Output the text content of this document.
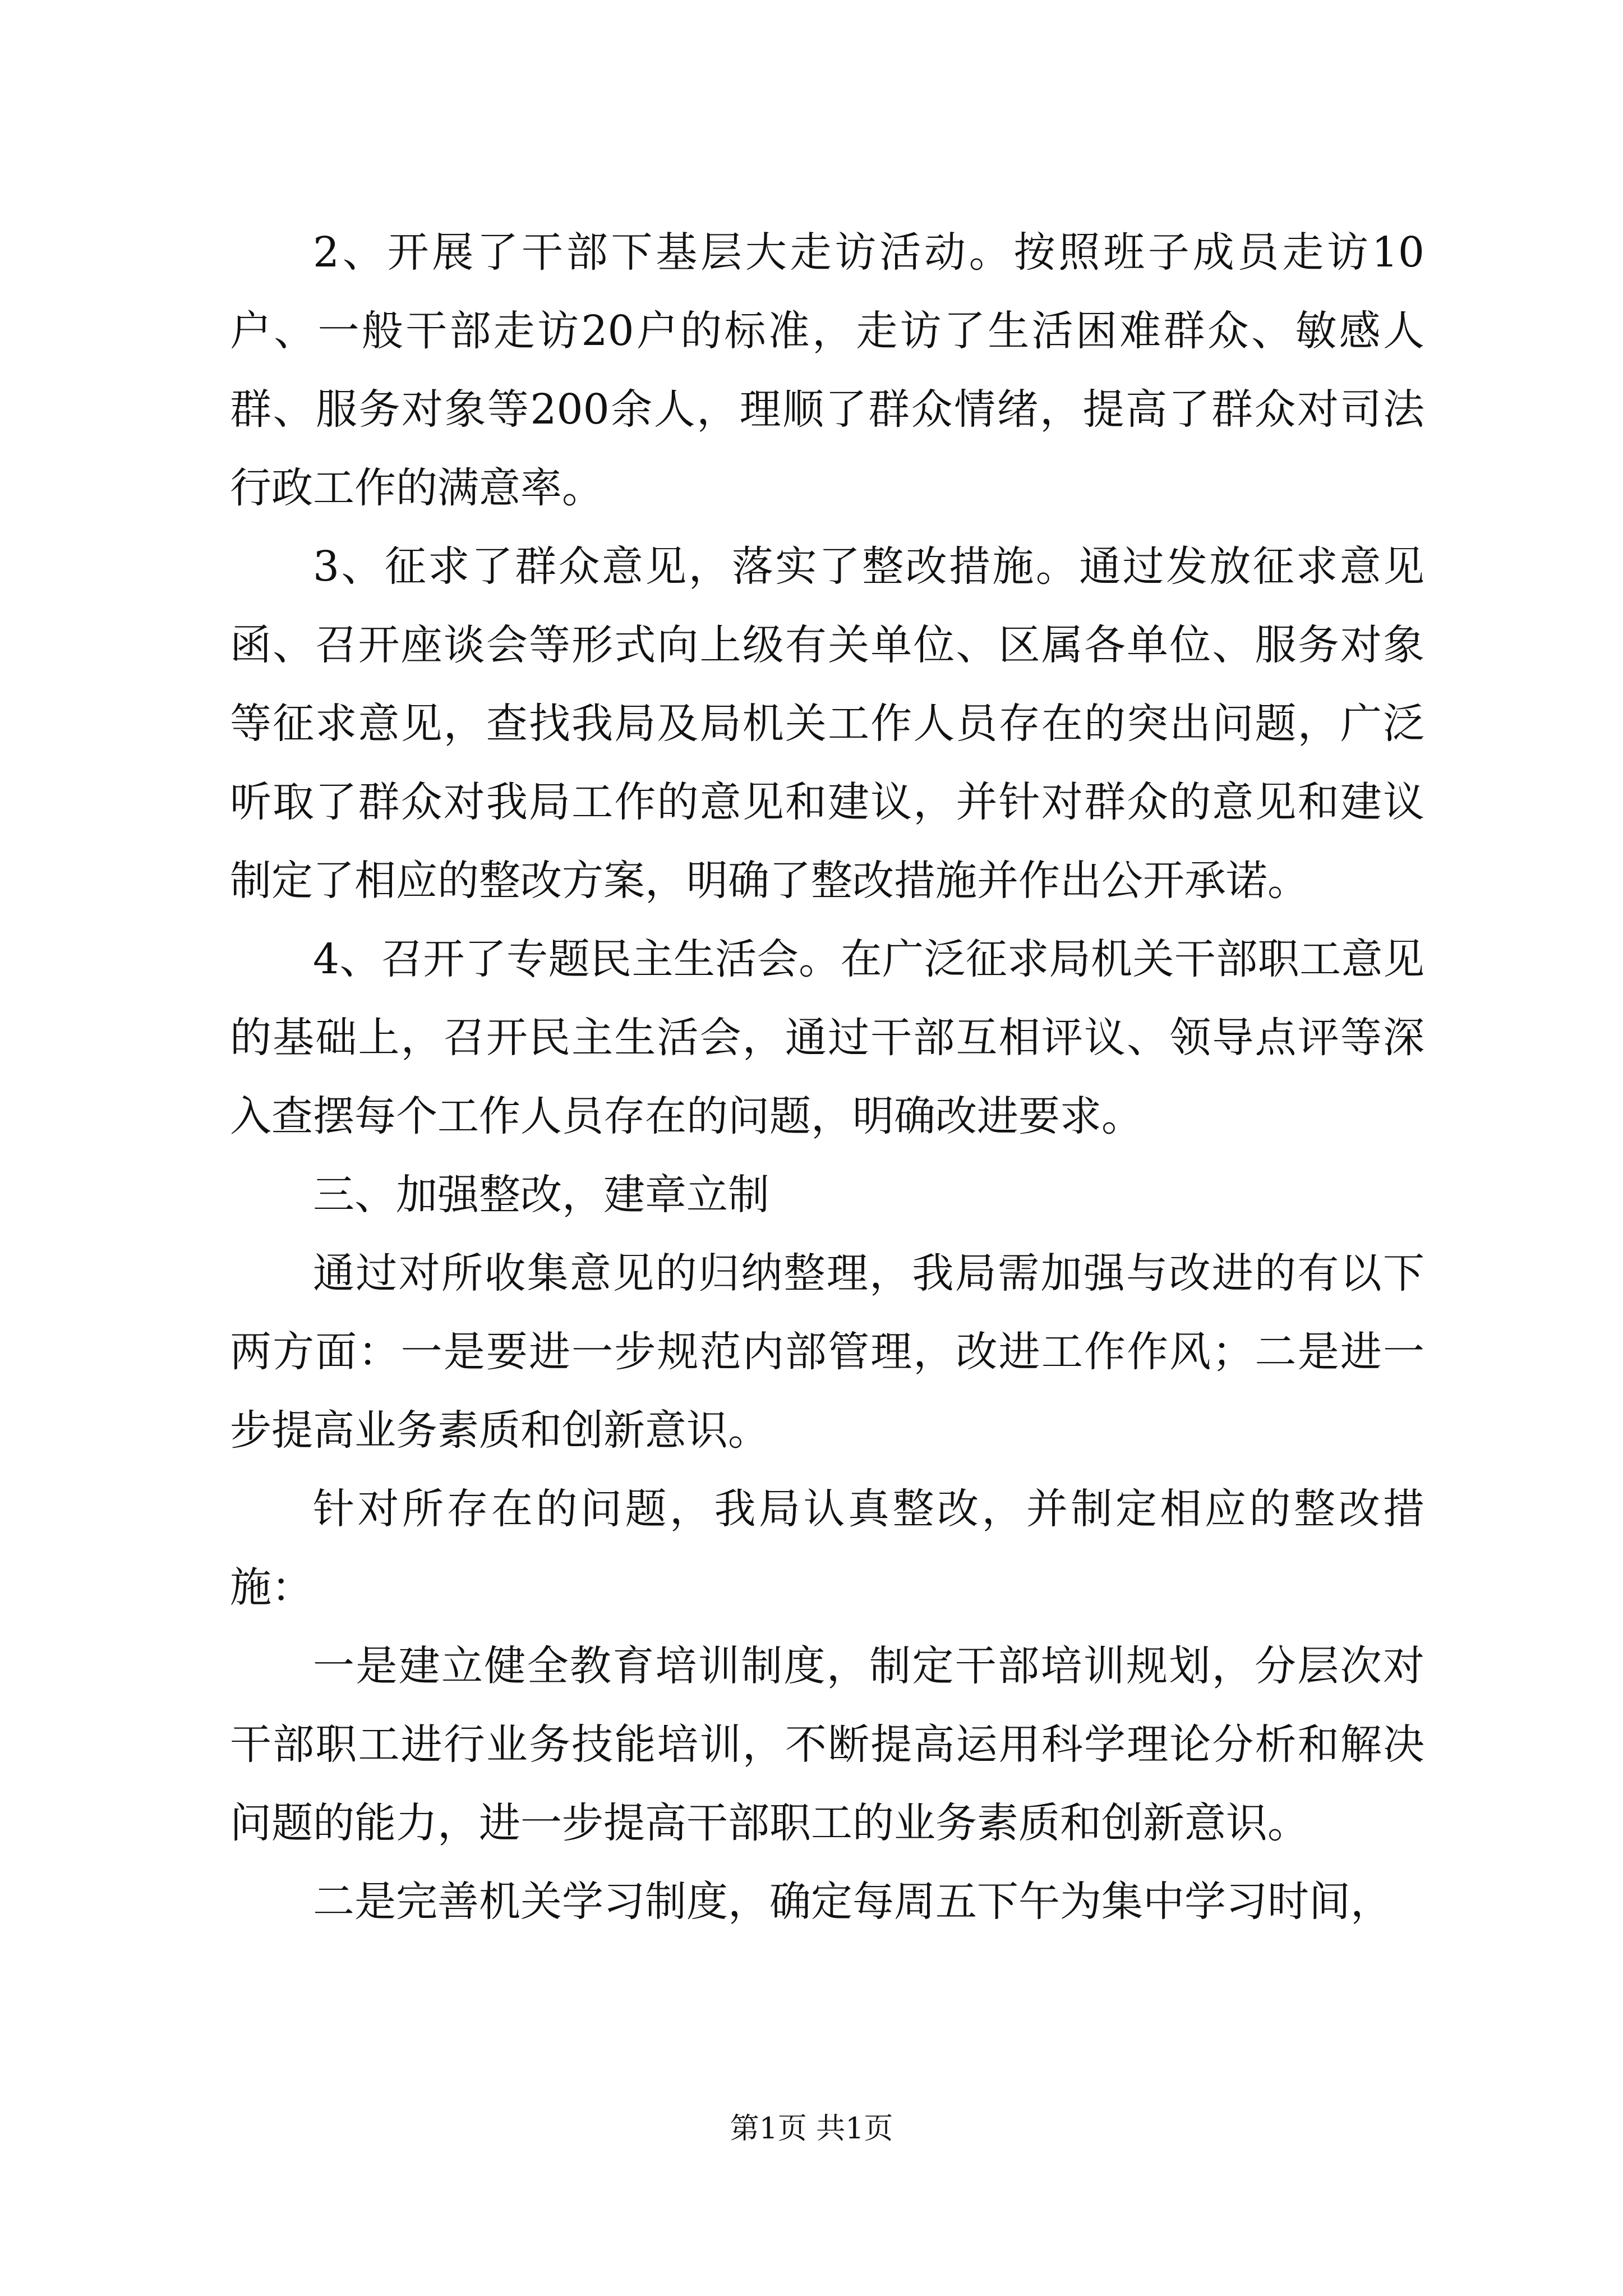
2、开展了干部下基层大走访活动。按照班子成员走访10户、一般干部走访20户的标准，走访了生活困难群众、敏感人群、服务对象等200余人，理顺了群众情绪，提高了群众对司法行政工作的满意率。

3、征求了群众意见，落实了整改措施。通过发放征求意见函、召开座谈会等形式向上级有关单位、区属各单位、服务对象等征求意见，查找我局及局机关工作人员存在的突出问题，广泛听取了群众对我局工作的意见和建议，并针对群众的意见和建议制定了相应的整改方案，明确了整改措施并作出公开承诺。

4、召开了专题民主生活会。在广泛征求局机关干部职工意见的基础上，召开民主生活会，通过干部互相评议、领导点评等深入查摆每个工作人员存在的问题，明确改进要求。

三、加强整改，建章立制

通过对所收集意见的归纳整理，我局需加强与改进的有以下两方面：一是要进一步规范内部管理，改进工作作风；二是进一步提高业务素质和创新意识。

针对所存在的问题，我局认真整改，并制定相应的整改措施：

一是建立健全教育培训制度，制定干部培训规划，分层次对干部职工进行业务技能培训，不断提高运用科学理论分析和解决问题的能力，进一步提高干部职工的业务素质和创新意识。

二是完善机关学习制度，确定每周五下午为集中学习时间，

第1页 共1页
